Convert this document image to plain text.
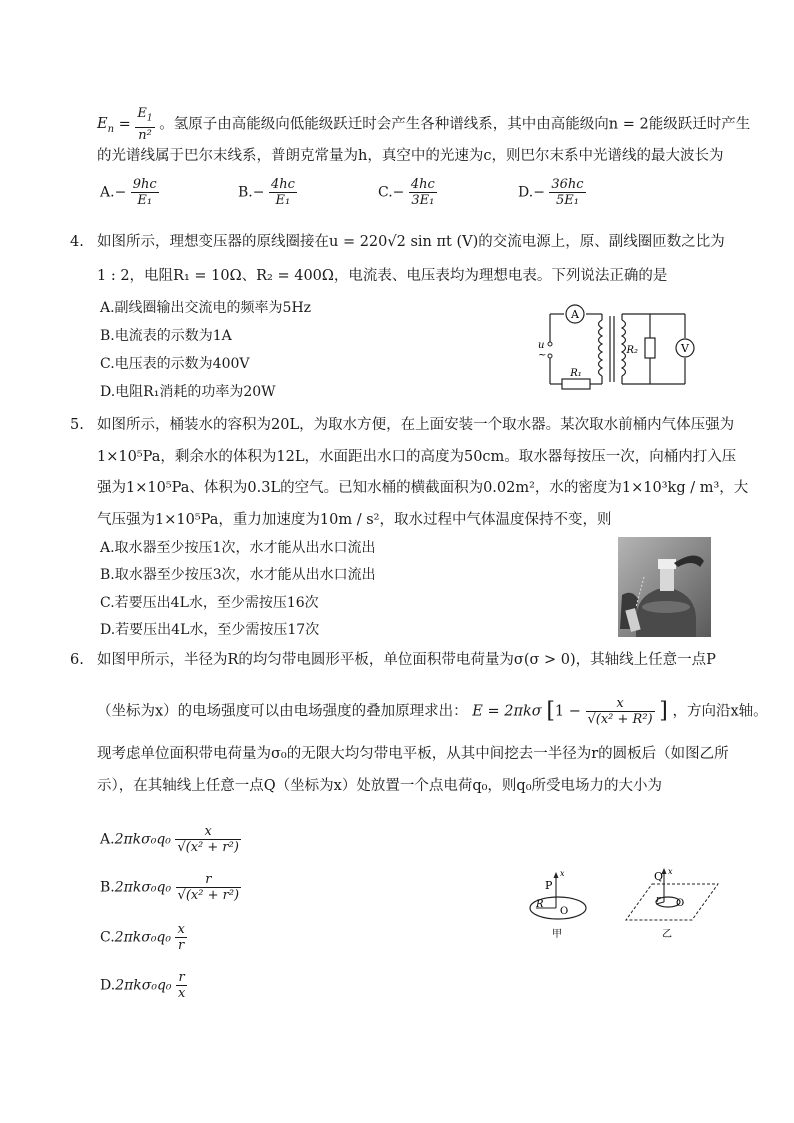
$E_n = \frac{E_1}{\text{n²}}$ 。氢原子由高能级向低能级跃迁时会产生各种谱线系，其中由高能级向n = 2能级跃迁时产生
的光谱线属于巴尔末线系，普朗克常量为h，真空中的光速为c，则巴尔末系中光谱线的最大波长为
$A.- \frac{9hc}{\text{E₁}}$	$B.- \frac{4hc}{\text{E₁}}$	$C.- \frac{4hc}{\text{3E₁}}$	$D.- \frac{36hc}{\text{5E₁}}$
4. 如图所示，理想变压器的原线圈接在u = 220√2 sin πt (V)的交流电源上，原、副线圈匝数之比为
1 : 2，电阻R₁ = 10Ω、R₂ = 400Ω，电流表、电压表均为理想电表。下列说法正确的是
A.副线圈输出交流电的频率为5Hz
B.电流表的示数为1A
C.电压表的示数为400V
D.电阻R₁消耗的功率为20W
A
R₁
R₂	V
u
~
5. 如图所示，桶装水的容积为20L，为取水方便，在上面安装一个取水器。某次取水前桶内气体压强为
1×10⁵Pa，剩余水的体积为12L，水面距出水口的高度为50cm。取水器每按压一次，向桶内打入压
强为1×10⁵Pa、体积为0.3L的空气。已知水桶的横截面积为0.02m²，水的密度为1×10³kg / m³，大
气压强为1×10⁵Pa，重力加速度为10m / s²，取水过程中气体温度保持不变，则
A.取水器至少按压1次，水才能从出水口流出
B.取水器至少按压3次，水才能从出水口流出
C.若要压出4L水，至少需按压16次
D.若要压出4L水，至少需按压17次
6. 如图甲所示，半径为R的均匀带电圆形平板，单位面积带电荷量为σ(σ > 0)，其轴线上任意一点P
（坐标为x）的电场强度可以由电场强度的叠加原理求出： E = 2πkσ [$1 - \frac{x}{\text{√(x² + R²)}}$ ] ，方向沿x轴。
现考虑单位面积带电荷量为σ₀的无限大均匀带电平板，从其中间挖去一半径为r的圆板后（如图乙所
示），在其轴线上任意一点Q（坐标为x）处放置一个点电荷q₀，则q₀所受电场力的大小为
$A.2\pi k\sigma_0q_0 \frac{x}{\text{√(x² + r²)}}$
$B.2\pi k\sigma_0q_0 \frac{r}{\text{√(x² + r²)}}$
$C.2\pi k\sigma_0q_0 \frac{x}{r}$
$D.2\pi k\sigma_0q_0 \frac{r}{x}$
P
x
R
O
甲
Q x
r O
乙
